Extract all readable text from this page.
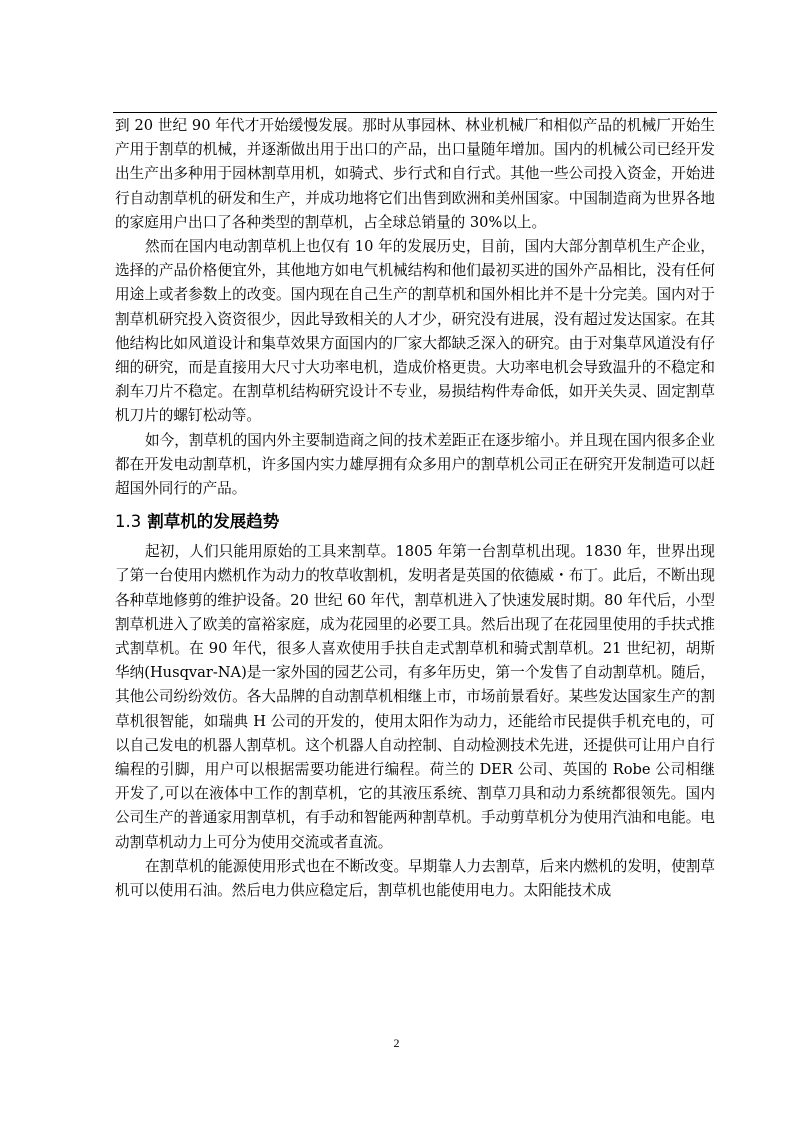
到 20 世纪 90 年代才开始缓慢发展。那时从事园林、林业机械厂和相似产品的机械厂开始生产用于割草的机械，并逐渐做出用于出口的产品，出口量随年增加。国内的机械公司已经开发出生产出多种用于园林割草用机，如骑式、步行式和自行式。其他一些公司投入资金，开始进行自动割草机的研发和生产，并成功地将它们出售到欧洲和美州国家。中国制造商为世界各地的家庭用户出口了各种类型的割草机，占全球总销量的 30%以上。

然而在国内电动割草机上也仅有 10 年的发展历史，目前，国内大部分割草机生产企业，选择的产品价格便宜外，其他地方如电气机械结构和他们最初买进的国外产品相比，没有任何用途上或者参数上的改变。国内现在自己生产的割草机和国外相比并不是十分完美。国内对于割草机研究投入资资很少，因此导致相关的人才少，研究没有进展，没有超过发达国家。在其他结构比如风道设计和集草效果方面国内的厂家大都缺乏深入的研究。由于对集草风道没有仔细的研究，而是直接用大尺寸大功率电机，造成价格更贵。大功率电机会导致温升的不稳定和刹车刀片不稳定。在割草机结构研究设计不专业，易损结构件寿命低，如开关失灵、固定割草机刀片的螺钉松动等。

如今，割草机的国内外主要制造商之间的技术差距正在逐步缩小。并且现在国内很多企业都在开发电动割草机，许多国内实力雄厚拥有众多用户的割草机公司正在研究开发制造可以赶超国外同行的产品。

1.3 割草机的发展趋势

起初，人们只能用原始的工具来割草。1805 年第一台割草机出现。1830 年，世界出现了第一台使用内燃机作为动力的牧草收割机，发明者是英国的依德威・布丁。此后，不断出现各种草地修剪的维护设备。20 世纪 60 年代，割草机进入了快速发展时期。80 年代后，小型割草机进入了欧美的富裕家庭，成为花园里的必要工具。然后出现了在花园里使用的手扶式推式割草机。在 90 年代，很多人喜欢使用手扶自走式割草机和骑式割草机。21 世纪初，胡斯华纳(Husqvar-NA)是一家外国的园艺公司，有多年历史，第一个发售了自动割草机。随后，其他公司纷纷效仿。各大品牌的自动割草机相继上市，市场前景看好。某些发达国家生产的割草机很智能，如瑞典 H 公司的开发的，使用太阳作为动力，还能给市民提供手机充电的，可以自己发电的机器人割草机。这个机器人自动控制、自动检测技术先进，还提供可让用户自行编程的引脚，用户可以根据需要功能进行编程。荷兰的 DER 公司、英国的 Robe 公司相继开发了,可以在液体中工作的割草机，它的其液压系统、割草刀具和动力系统都很领先。国内公司生产的普通家用割草机，有手动和智能两种割草机。手动剪草机分为使用汽油和电能。电动割草机动力上可分为使用交流或者直流。

在割草机的能源使用形式也在不断改变。早期靠人力去割草，后来内燃机的发明，使割草机可以使用石油。然后电力供应稳定后，割草机也能使用电力。太阳能技术成

2
